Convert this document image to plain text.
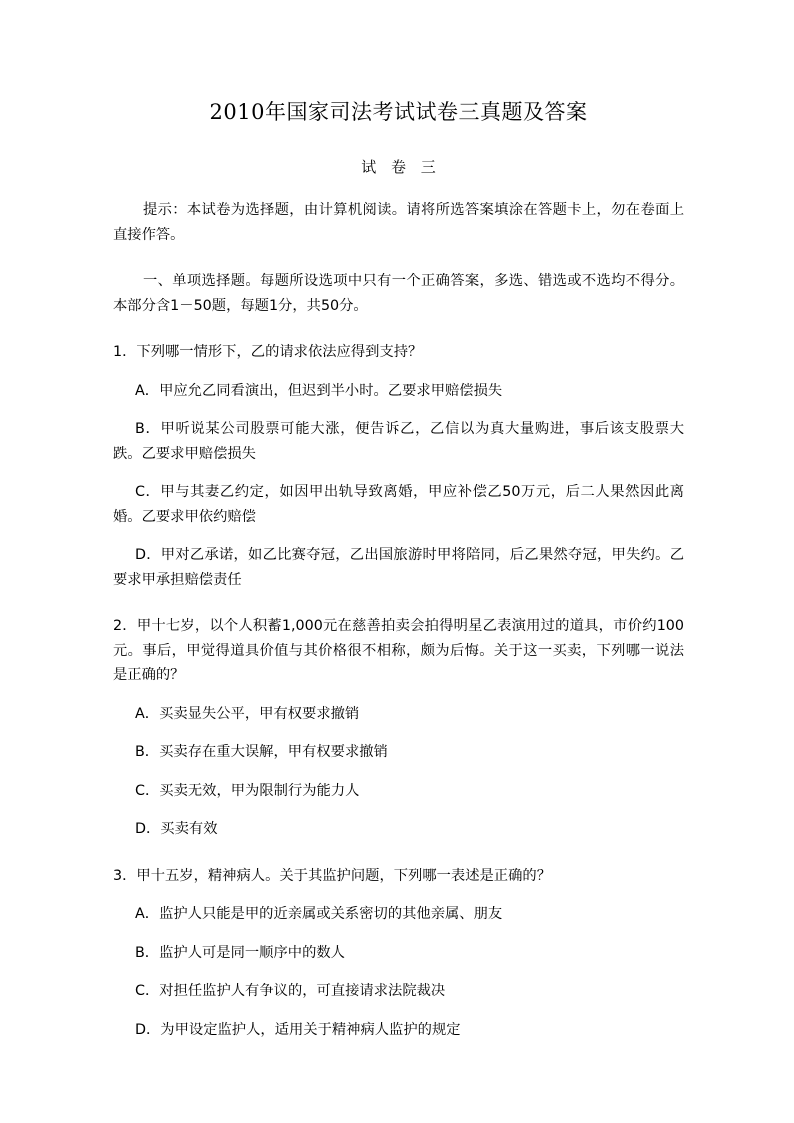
2010年国家司法考试试卷三真题及答案
试 卷 三

提示：本试卷为选择题，由计算机阅读。请将所选答案填涂在答题卡上，勿在卷面上直接作答。

一、单项选择题。每题所设选项中只有一个正确答案，多选、错选或不选均不得分。本部分含1－50题，每题1分，共50分。

1．下列哪一情形下，乙的请求依法应得到支持？

A．甲应允乙同看演出，但迟到半小时。乙要求甲赔偿损失

B．甲听说某公司股票可能大涨，便告诉乙，乙信以为真大量购进，事后该支股票大跌。乙要求甲赔偿损失

C．甲与其妻乙约定，如因甲出轨导致离婚，甲应补偿乙50万元，后二人果然因此离婚。乙要求甲依约赔偿

D．甲对乙承诺，如乙比赛夺冠，乙出国旅游时甲将陪同，后乙果然夺冠，甲失约。乙要求甲承担赔偿责任

2．甲十七岁，以个人积蓄1,000元在慈善拍卖会拍得明星乙表演用过的道具，市价约100元。事后，甲觉得道具价值与其价格很不相称，颇为后悔。关于这一买卖，下列哪一说法是正确的？

A．买卖显失公平，甲有权要求撤销

B．买卖存在重大误解，甲有权要求撤销

C．买卖无效，甲为限制行为能力人

D．买卖有效

3．甲十五岁，精神病人。关于其监护问题，下列哪一表述是正确的？

A．监护人只能是甲的近亲属或关系密切的其他亲属、朋友

B．监护人可是同一顺序中的数人

C．对担任监护人有争议的，可直接请求法院裁决

D．为甲设定监护人，适用关于精神病人监护的规定
